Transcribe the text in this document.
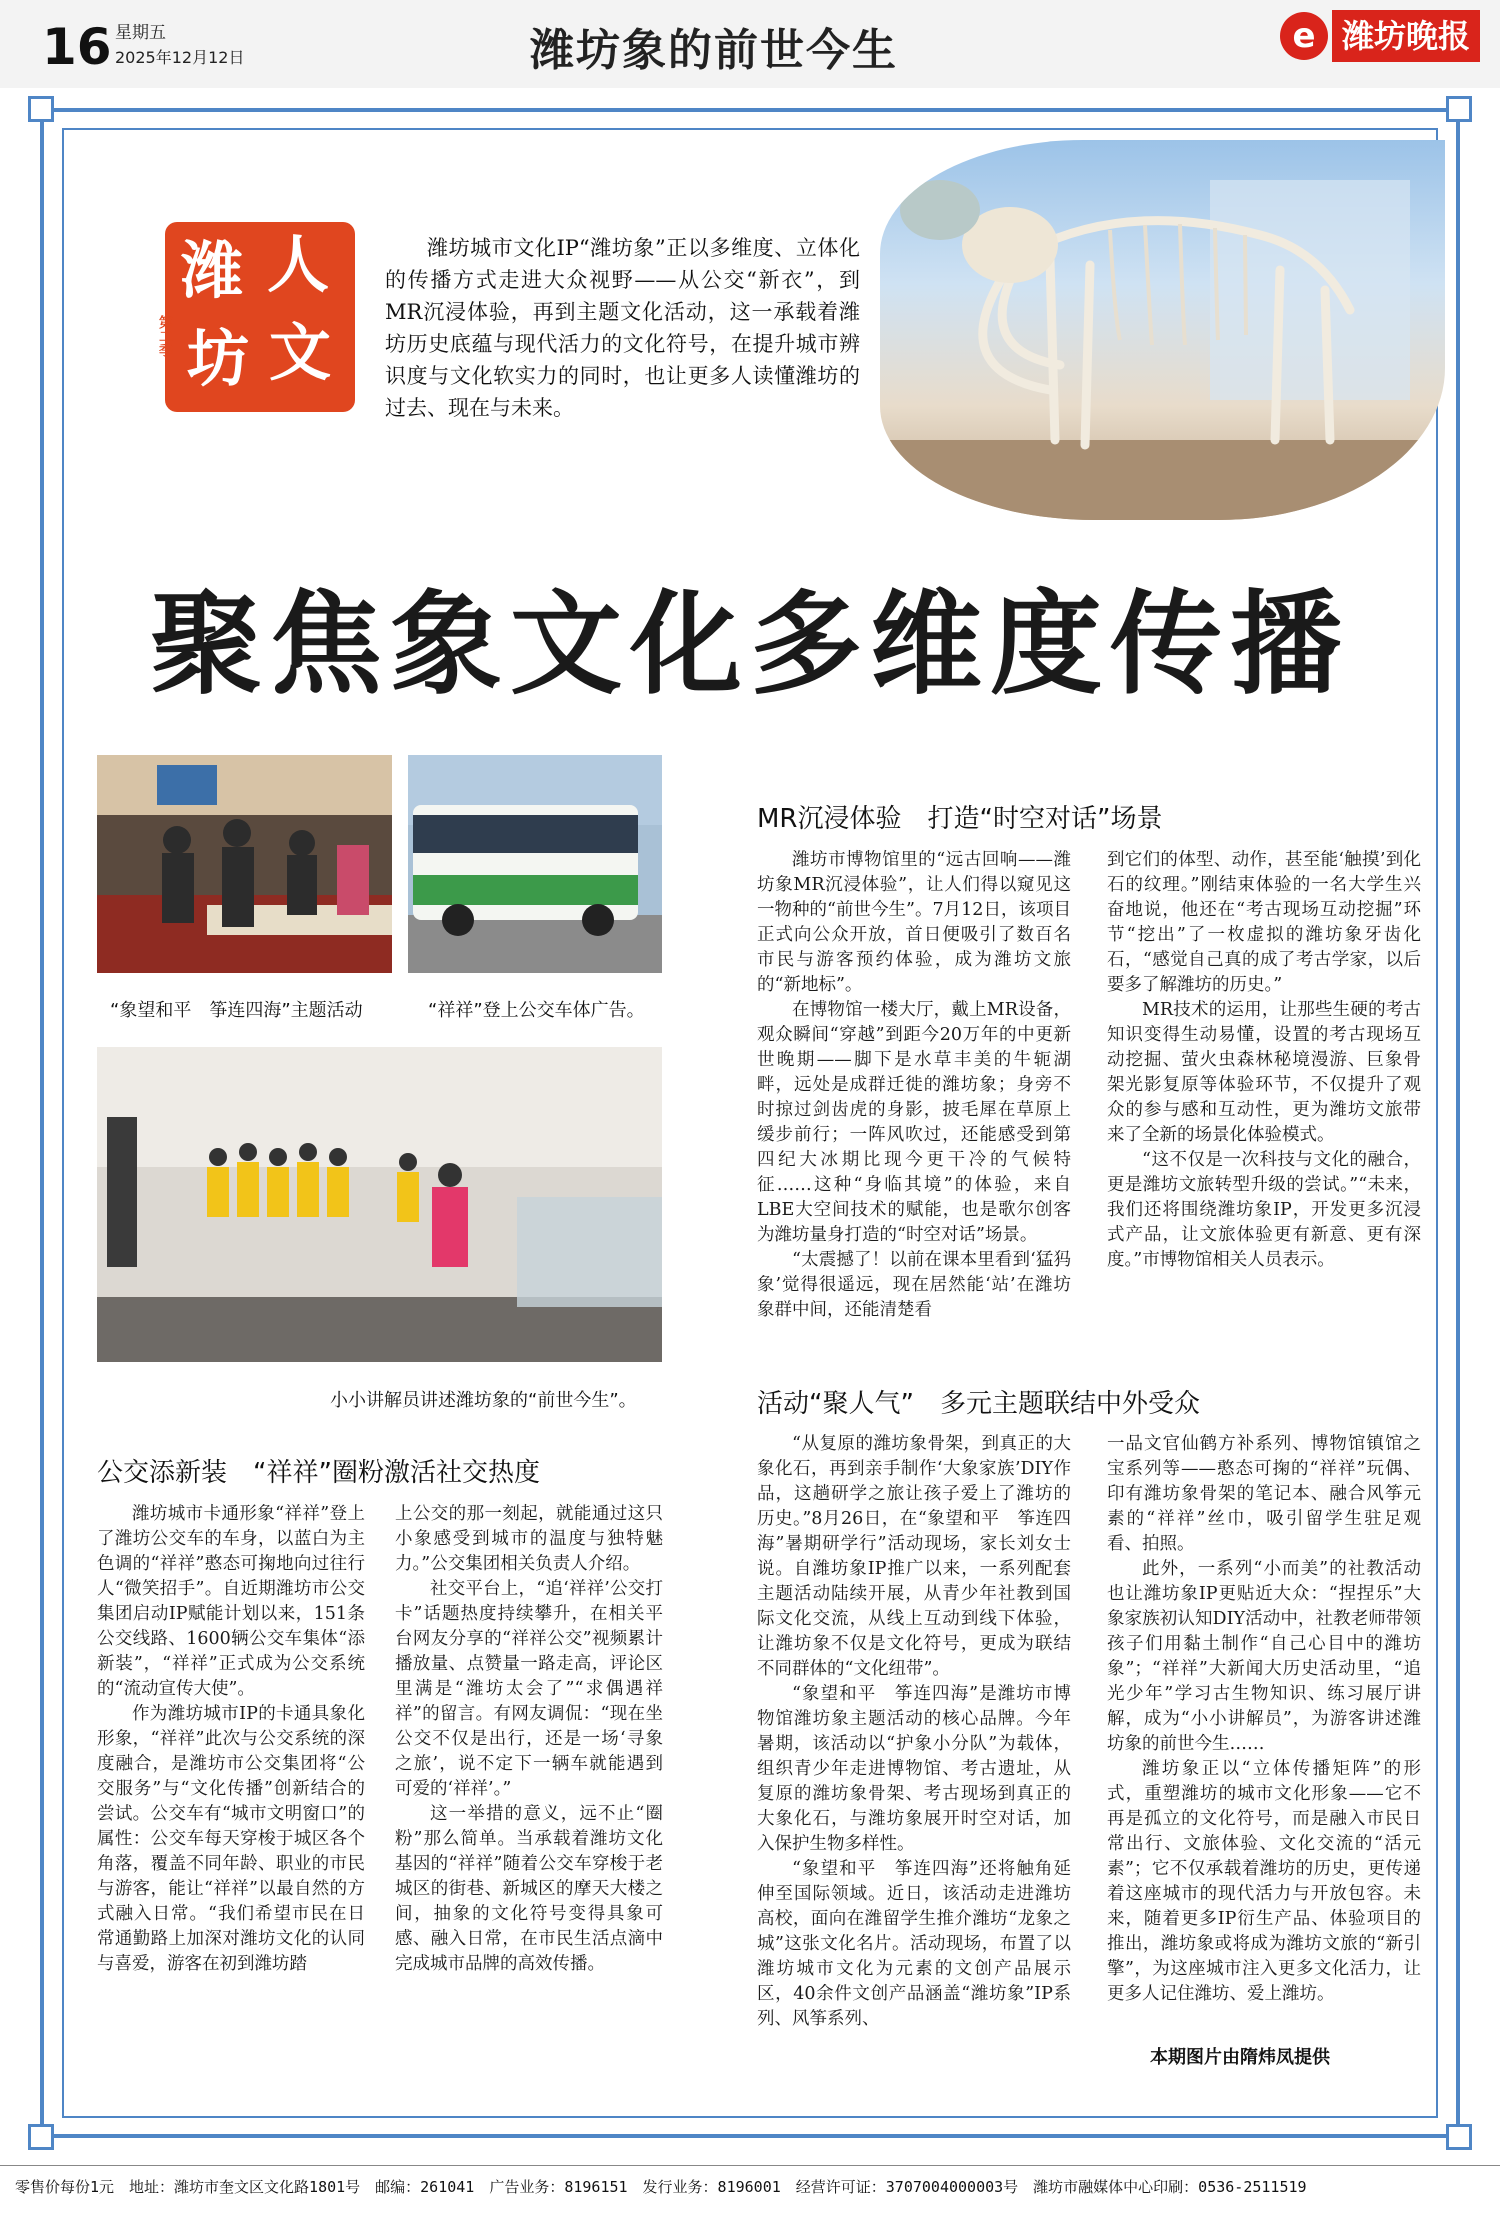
16 星期五
2025年12月12日	潍坊象的前世今生	e 潍坊晚报
潍 人
坊 文
第二季
潍坊城市文化IP“潍坊象”正以多维度、立体化的传播方式走进大众视野——从公交“新衣”，到MR沉浸体验，再到主题文化活动，这一承载着潍坊历史底蕴与现代活力的文化符号，在提升城市辨识度与文化软实力的同时，也让更多人读懂潍坊的过去、现在与未来。
聚焦象文化多维度传播
“象望和平　筝连四海”主题活动	“祥祥”登上公交车体广告。
小小讲解员讲述潍坊象的“前世今生”。
MR沉浸体验　打造“时空对话”场景

潍坊市博物馆里的“远古回响——潍坊象MR沉浸体验”，让人们得以窥见这一物种的“前世今生”。7月12日，该项目正式向公众开放，首日便吸引了数百名市民与游客预约体验，成为潍坊文旅的“新地标”。

在博物馆一楼大厅，戴上MR设备，观众瞬间“穿越”到距今20万年的中更新世晚期——脚下是水草丰美的牛轭湖畔，远处是成群迁徙的潍坊象；身旁不时掠过剑齿虎的身影，披毛犀在草原上缓步前行；一阵风吹过，还能感受到第四纪大冰期比现今更干冷的气候特征……这种“身临其境”的体验，来自LBE大空间技术的赋能，也是歌尔创客为潍坊量身打造的“时空对话”场景。

“太震撼了！以前在课本里看到‘猛犸象’觉得很遥远，现在居然能‘站’在潍坊象群中间，还能清楚看

到它们的体型、动作，甚至能‘触摸’到化石的纹理。”刚结束体验的一名大学生兴奋地说，他还在“考古现场互动挖掘”环节“挖出”了一枚虚拟的潍坊象牙齿化石，“感觉自己真的成了考古学家，以后要多了解潍坊的历史。”

MR技术的运用，让那些生硬的考古知识变得生动易懂，设置的考古现场互动挖掘、萤火虫森林秘境漫游、巨象骨架光影复原等体验环节，不仅提升了观众的参与感和互动性，更为潍坊文旅带来了全新的场景化体验模式。

“这不仅是一次科技与文化的融合，更是潍坊文旅转型升级的尝试。”“未来，我们还将围绕潍坊象IP，开发更多沉浸式产品，让文旅体验更有新意、更有深度。”市博物馆相关人员表示。

活动“聚人气”　多元主题联结中外受众

“从复原的潍坊象骨架，到真正的大象化石，再到亲手制作‘大象家族’DIY作品，这趟研学之旅让孩子爱上了潍坊的历史。”8月26日，在“象望和平　筝连四海”暑期研学行”活动现场，家长刘女士说。自潍坊象IP推广以来，一系列配套主题活动陆续开展，从青少年社教到国际文化交流，从线上互动到线下体验，让潍坊象不仅是文化符号，更成为联结不同群体的“文化纽带”。

“象望和平　筝连四海”是潍坊市博物馆潍坊象主题活动的核心品牌。今年暑期，该活动以“护象小分队”为载体，组织青少年走进博物馆、考古遗址，从复原的潍坊象骨架、考古现场到真正的大象化石，与潍坊象展开时空对话，加入保护生物多样性。

“象望和平　筝连四海”还将触角延伸至国际领域。近日，该活动走进潍坊高校，面向在潍留学生推介潍坊“龙象之城”这张文化名片。活动现场，布置了以潍坊城市文化为元素的文创产品展示区，40余件文创产品涵盖“潍坊象”IP系列、风筝系列、

一品文官仙鹤方补系列、博物馆镇馆之宝系列等——憨态可掬的“祥祥”玩偶、印有潍坊象骨架的笔记本、融合风筝元素的“祥祥”丝巾，吸引留学生驻足观看、拍照。

此外，一系列“小而美”的社教活动也让潍坊象IP更贴近大众：“捏捏乐”大象家族初认知DIY活动中，社教老师带领孩子们用黏土制作“自己心目中的潍坊象”；“祥祥”大新闻大历史活动里，“追光少年”学习古生物知识、练习展厅讲解，成为“小小讲解员”，为游客讲述潍坊象的前世今生……

潍坊象正以“立体传播矩阵”的形式，重塑潍坊的城市文化形象——它不再是孤立的文化符号，而是融入市民日常出行、文旅体验、文化交流的“活元素”；它不仅承载着潍坊的历史，更传递着这座城市的现代活力与开放包容。未来，随着更多IP衍生产品、体验项目的推出，潍坊象或将成为潍坊文旅的“新引擎”，为这座城市注入更多文化活力，让更多人记住潍坊、爱上潍坊。

本期图片由隋炜凤提供
公交添新装　“祥祥”圈粉激活社交热度

潍坊城市卡通形象“祥祥”登上了潍坊公交车的车身，以蓝白为主色调的“祥祥”憨态可掬地向过往行人“微笑招手”。自近期潍坊市公交集团启动IP赋能计划以来，151条公交线路、1600辆公交车集体“添新装”，“祥祥”正式成为公交系统的“流动宣传大使”。

作为潍坊城市IP的卡通具象化形象，“祥祥”此次与公交系统的深度融合，是潍坊市公交集团将“公交服务”与“文化传播”创新结合的尝试。公交车有“城市文明窗口”的属性：公交车每天穿梭于城区各个角落，覆盖不同年龄、职业的市民与游客，能让“祥祥”以最自然的方式融入日常。“我们希望市民在日常通勤路上加深对潍坊文化的认同与喜爱，游客在初到潍坊踏

上公交的那一刻起，就能通过这只小象感受到城市的温度与独特魅力。”公交集团相关负责人介绍。

社交平台上，“追‘祥祥’公交打卡”话题热度持续攀升，在相关平台网友分享的“祥祥公交”视频累计播放量、点赞量一路走高，评论区里满是“潍坊太会了”“求偶遇祥祥”的留言。有网友调侃：“现在坐公交不仅是出行，还是一场‘寻象之旅’，说不定下一辆车就能遇到可爱的‘祥祥’。”

这一举措的意义，远不止“圈粉”那么简单。当承载着潍坊文化基因的“祥祥”随着公交车穿梭于老城区的街巷、新城区的摩天大楼之间，抽象的文化符号变得具象可感、融入日常，在市民生活点滴中完成城市品牌的高效传播。

零售价每份1元　地址：潍坊市奎文区文化路1801号　邮编：261041　广告业务：8196151　发行业务：8196001　经营许可证：3707004000003号　潍坊市融媒体中心印刷：0536-2511519
